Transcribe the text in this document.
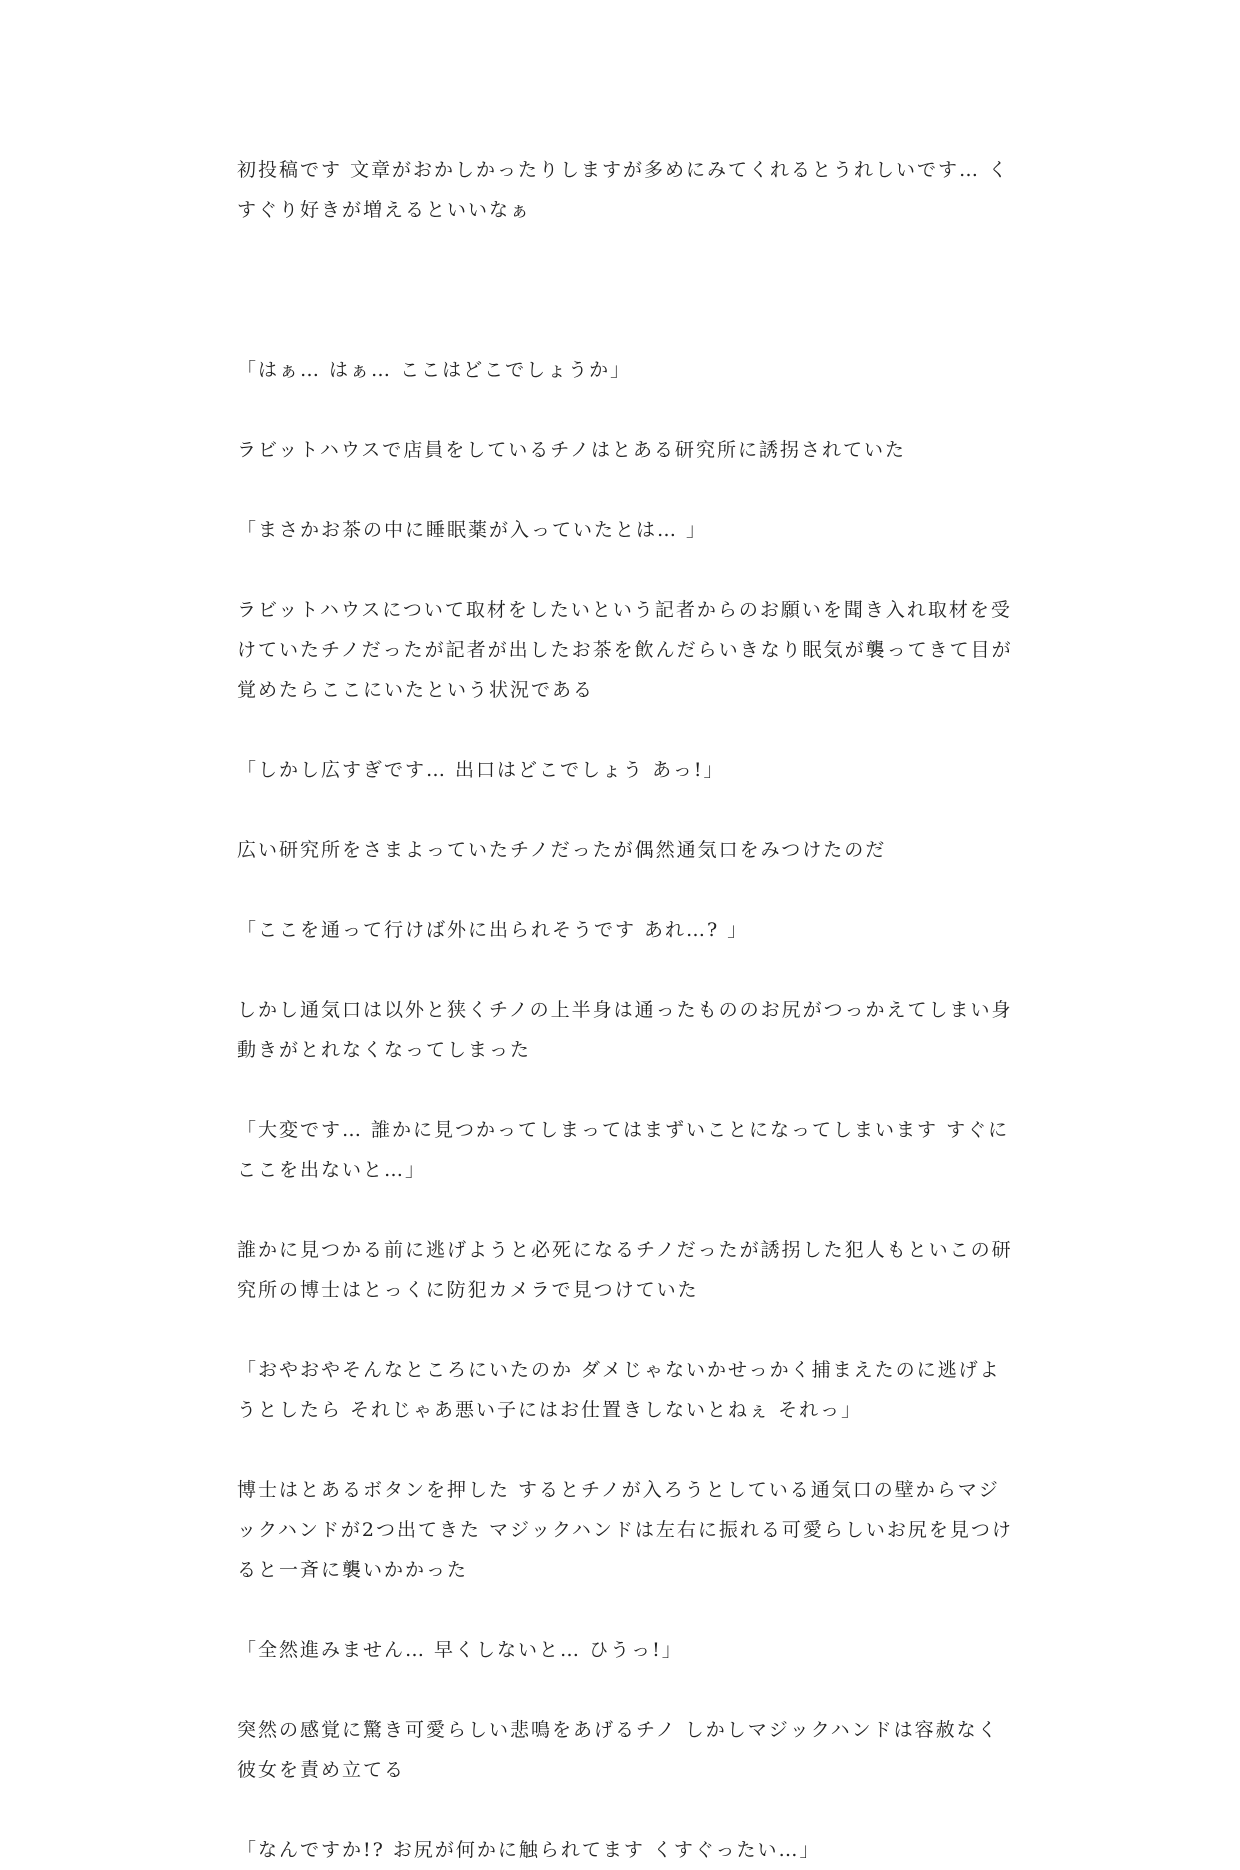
初投稿です 文章がおかしかったりしますが多めにみてくれるとうれしいです… くすぐり好きが増えるといいなぁ

「はぁ… はぁ… ここはどこでしょうか」

ラビットハウスで店員をしているチノはとある研究所に誘拐されていた

「まさかお茶の中に睡眠薬が入っていたとは… 」

ラビットハウスについて取材をしたいという記者からのお願いを聞き入れ取材を受けていたチノだったが記者が出したお茶を飲んだらいきなり眠気が襲ってきて目が覚めたらここにいたという状況である

「しかし広すぎです… 出口はどこでしょう あっ!」

広い研究所をさまよっていたチノだったが偶然通気口をみつけたのだ

「ここを通って行けば外に出られそうです あれ…? 」

しかし通気口は以外と狭くチノの上半身は通ったもののお尻がつっかえてしまい身動きがとれなくなってしまった

「大変です… 誰かに見つかってしまってはまずいことになってしまいます すぐにここを出ないと…」

誰かに見つかる前に逃げようと必死になるチノだったが誘拐した犯人もといこの研究所の博士はとっくに防犯カメラで見つけていた

「おやおやそんなところにいたのか ダメじゃないかせっかく捕まえたのに逃げようとしたら それじゃあ悪い子にはお仕置きしないとねぇ それっ」

博士はとあるボタンを押した するとチノが入ろうとしている通気口の壁からマジックハンドが2つ出てきた マジックハンドは左右に振れる可愛らしいお尻を見つけると一斉に襲いかかった

「全然進みません… 早くしないと… ひうっ!」

突然の感覚に驚き可愛らしい悲鳴をあげるチノ しかしマジックハンドは容赦なく彼女を責め立てる

「なんですか!? お尻が何かに触られてます くすぐったい…」
